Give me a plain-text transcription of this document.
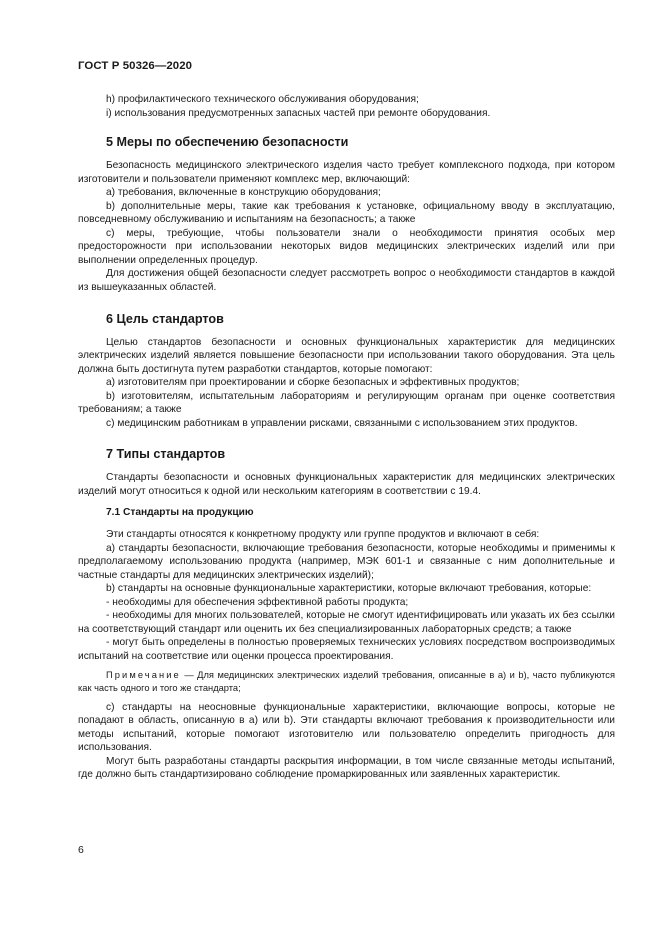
ГОСТ Р 50326—2020

h) профилактического технического обслуживания оборудования;

i) использования предусмотренных запасных частей при ремонте оборудования.

5 Меры по обеспечению безопасности

Безопасность медицинского электрического изделия часто требует комплексного подхода, при котором изготовители и пользователи применяют комплекс мер, включающий:

a) требования, включенные в конструкцию оборудования;

b) дополнительные меры, такие как требования к установке, официальному вводу в эксплуатацию, повседневному обслуживанию и испытаниям на безопасность; а также

c) меры, требующие, чтобы пользователи знали о необходимости принятия особых мер предосторожности при использовании некоторых видов медицинских электрических изделий или при выполнении определенных процедур.

Для достижения общей безопасности следует рассмотреть вопрос о необходимости стандартов в каждой из вышеуказанных областей.

6 Цель стандартов

Целью стандартов безопасности и основных функциональных характеристик для медицинских электрических изделий является повышение безопасности при использовании такого оборудования. Эта цель должна быть достигнута путем разработки стандартов, которые помогают:

a) изготовителям при проектировании и сборке безопасных и эффективных продуктов;

b) изготовителям, испытательным лабораториям и регулирующим органам при оценке соответствия требованиям; а также

c) медицинским работникам в управлении рисками, связанными с использованием этих продуктов.

7 Типы стандартов

Стандарты безопасности и основных функциональных характеристик для медицинских электрических изделий могут относиться к одной или нескольким категориям в соответствии с 19.4.

7.1 Стандарты на продукцию

Эти стандарты относятся к конкретному продукту или группе продуктов и включают в себя:

a) стандарты безопасности, включающие требования безопасности, которые необходимы и применимы к предполагаемому использованию продукта (например, МЭК 601-1 и связанные с ним дополнительные и частные стандарты для медицинских электрических изделий);

b) стандарты на основные функциональные характеристики, которые включают требования, которые:

- необходимы для обеспечения эффективной работы продукта;

- необходимы для многих пользователей, которые не смогут идентифицировать или указать их без ссылки на соответствующий стандарт или оценить их без специализированных лабораторных средств; а также

- могут быть определены в полностью проверяемых технических условиях посредством воспроизводимых испытаний на соответствие или оценки процесса проектирования.

Примечание — Для медицинских электрических изделий требования, описанные в а) и b), часто публикуются как часть одного и того же стандарта;

c) стандарты на неосновные функциональные характеристики, включающие вопросы, которые не попадают в область, описанную в а) или b). Эти стандарты включают требования к производительности или методы испытаний, которые помогают изготовителю или пользователю определить пригодность для использования.

Могут быть разработаны стандарты раскрытия информации, в том числе связанные методы испытаний, где должно быть стандартизировано соблюдение промаркированных или заявленных характеристик.

6
